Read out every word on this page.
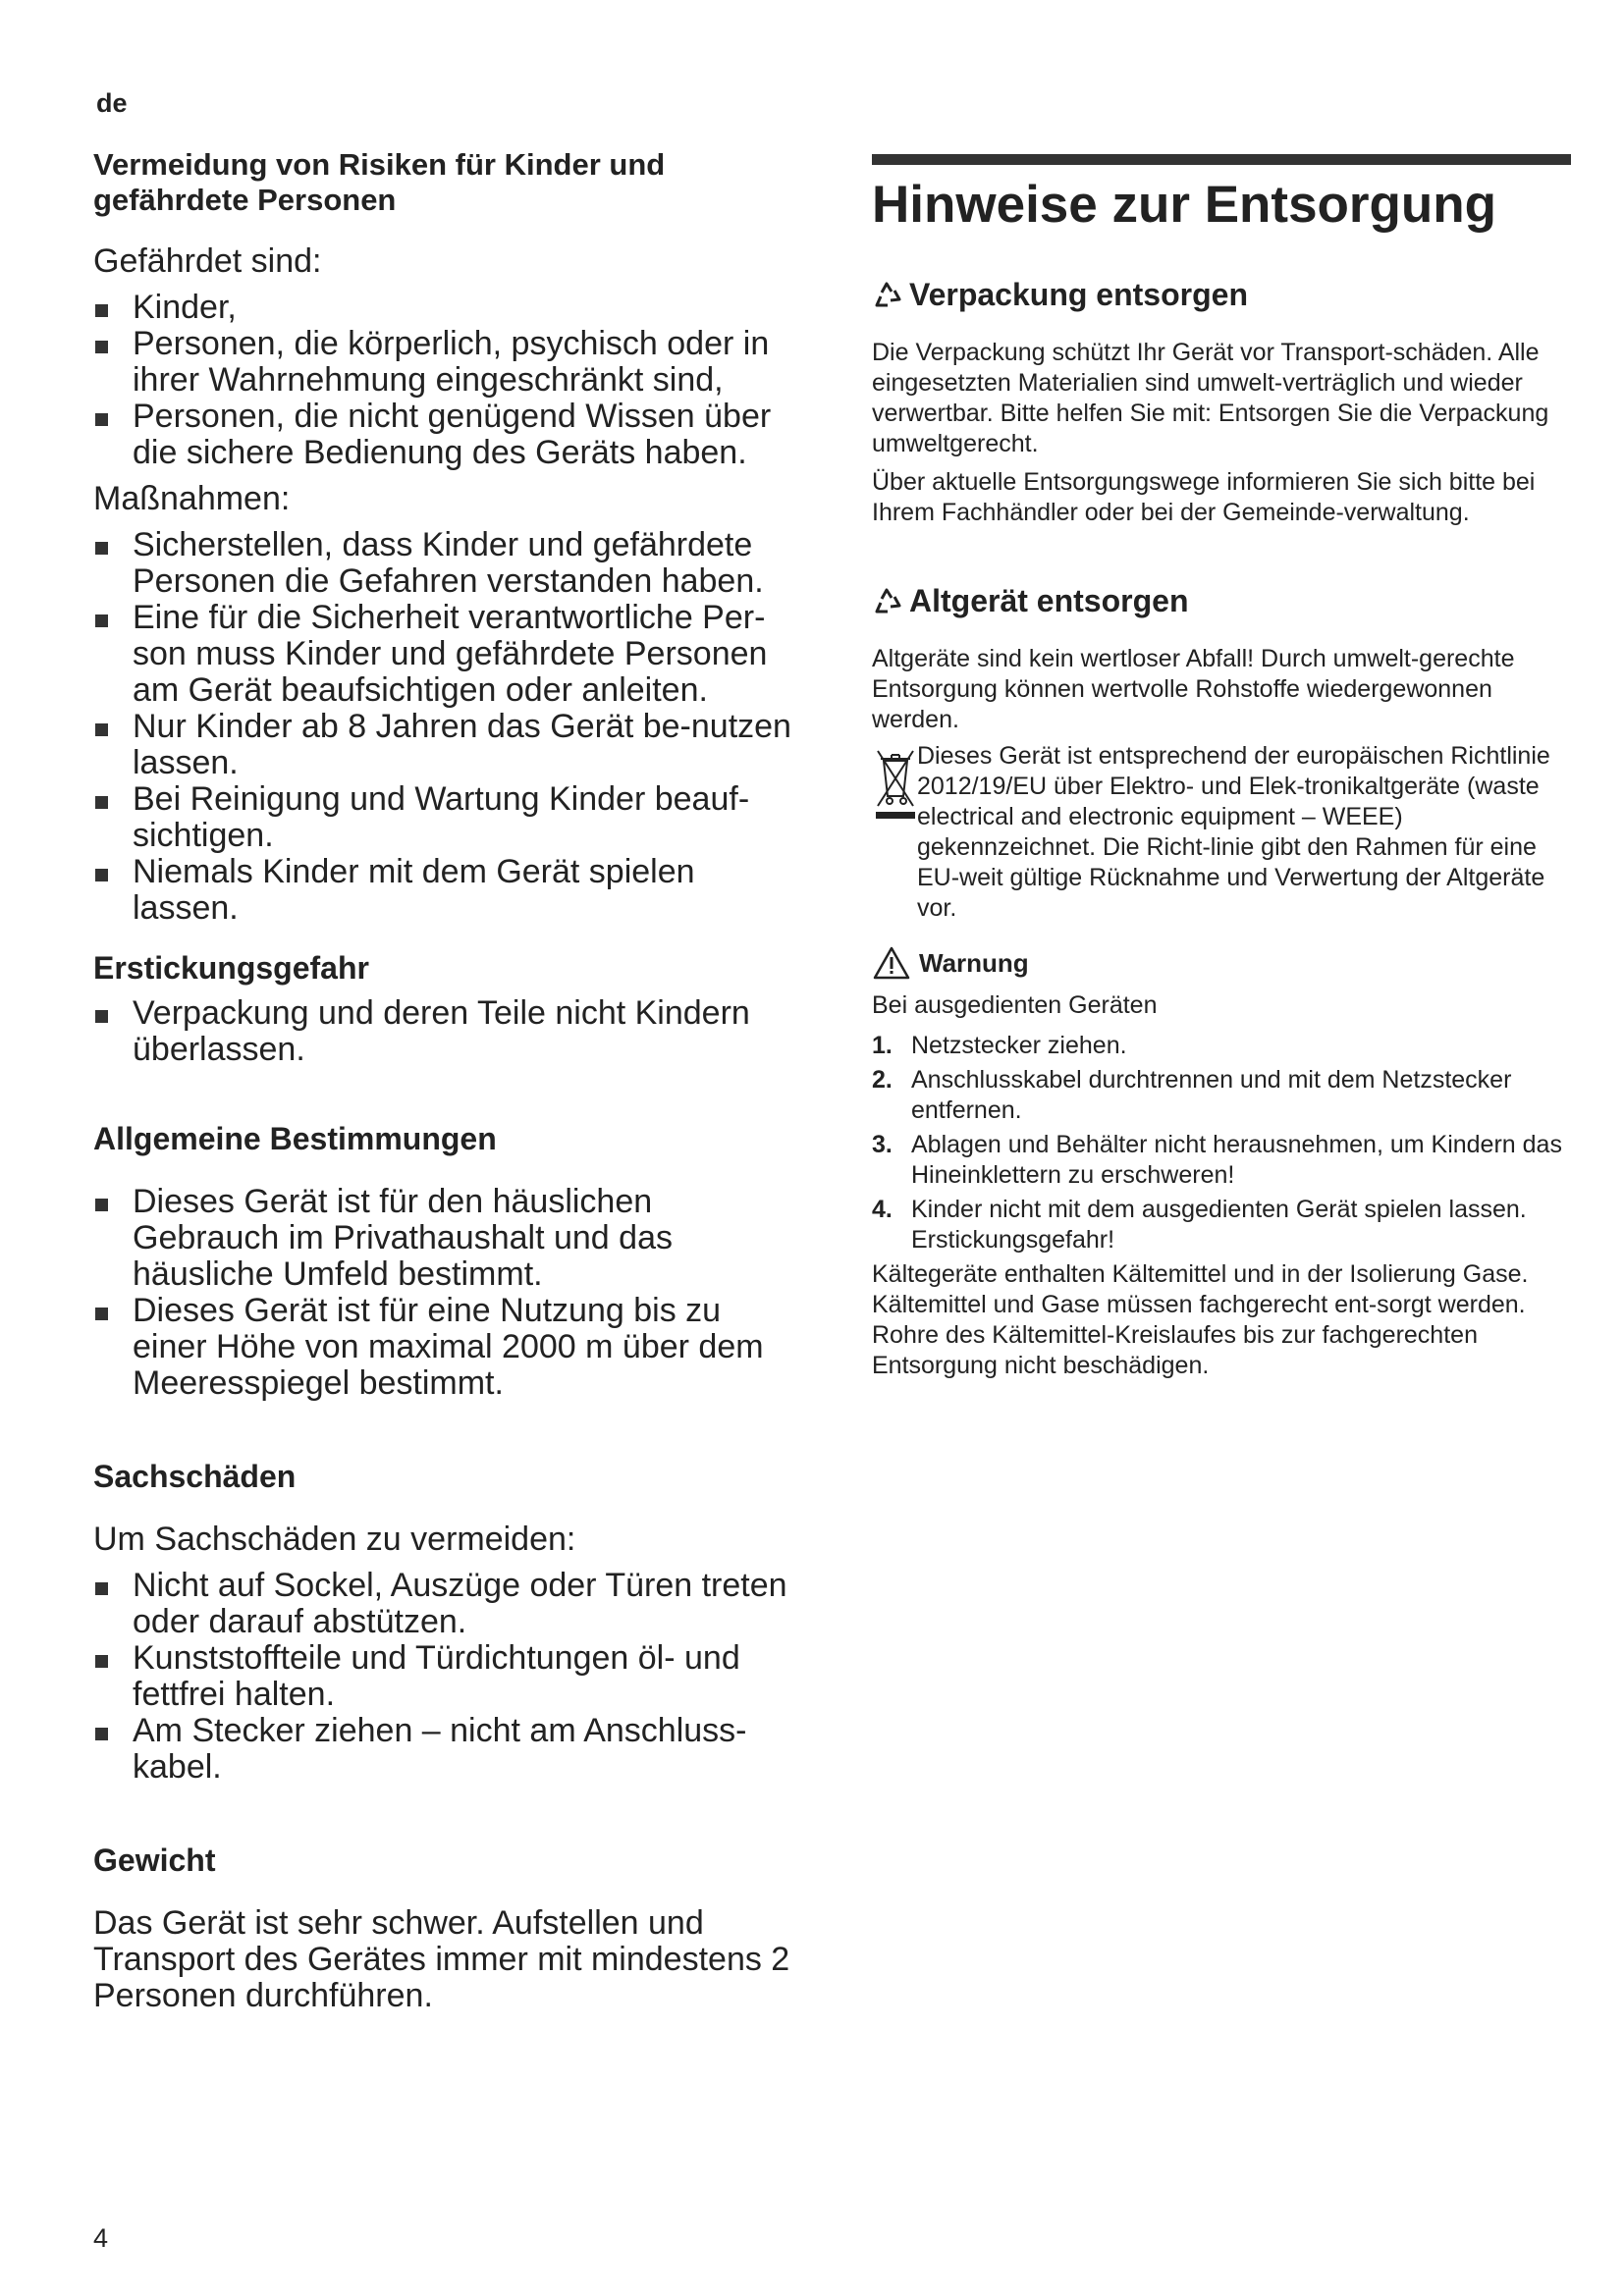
de
Vermeidung von Risiken für Kinder und
gefährdete Personen

Gefährdet sind:

Kinder,
Personen, die körperlich, psychisch oder in ihrer Wahrnehmung eingeschränkt sind,
Personen, die nicht genügend Wissen über die sichere Bedienung des Geräts haben.

Maßnahmen:

Sicherstellen, dass Kinder und gefährdete Personen die Gefahren verstanden haben.
Eine für die Sicherheit verantwortliche Per-son muss Kinder und gefährdete Personen am Gerät beaufsichtigen oder anleiten.
Nur Kinder ab 8 Jahren das Gerät be-nutzen lassen.
Bei Reinigung und Wartung Kinder beauf-sichtigen.
Niemals Kinder mit dem Gerät spielen lassen.
Erstickungsgefahr
Verpackung und deren Teile nicht Kindern überlassen.
Allgemeine Bestimmungen
Dieses Gerät ist für den häuslichen Gebrauch im Privathaushalt und das häusliche Umfeld bestimmt.
Dieses Gerät ist für eine Nutzung bis zu einer Höhe von maximal 2000 m über dem Meeresspiegel bestimmt.
Sachschäden

Um Sachschäden zu vermeiden:

Nicht auf Sockel, Auszüge oder Türen treten oder darauf abstützen.
Kunststoffteile und Türdichtungen öl- und fettfrei halten.
Am Stecker ziehen – nicht am Anschluss-kabel.
Gewicht

Das Gerät ist sehr schwer. Aufstellen und Transport des Gerätes immer mit mindestens 2 Personen durchführen.

Hinweise zur Entsorgung
Verpackung entsorgen

Die Verpackung schützt Ihr Gerät vor Transport-schäden. Alle eingesetzten Materialien sind umwelt-verträglich und wieder verwertbar. Bitte helfen Sie mit: Entsorgen Sie die Verpackung umweltgerecht.

Über aktuelle Entsorgungswege informieren Sie sich bitte bei Ihrem Fachhändler oder bei der Gemeinde-verwaltung.

Altgerät entsorgen

Altgeräte sind kein wertloser Abfall! Durch umwelt-gerechte Entsorgung können wertvolle Rohstoffe wiedergewonnen werden.

Dieses Gerät ist entsprechend der europäischen Richtlinie 2012/19/EU über Elektro- und Elek-tronikaltgeräte (waste electrical and electronic equipment – WEEE) gekennzeichnet. Die Richt-linie gibt den Rahmen für eine EU-weit gültige Rücknahme und Verwertung der Altgeräte vor.

Warnung

Bei ausgedienten Geräten

1. Netzstecker ziehen.
2. Anschlusskabel durchtrennen und mit dem Netzstecker entfernen.
3. Ablagen und Behälter nicht herausnehmen, um Kindern das Hineinklettern zu erschweren!
4. Kinder nicht mit dem ausgedienten Gerät spielen lassen. Erstickungsgefahr!

Kältegeräte enthalten Kältemittel und in der Isolierung Gase. Kältemittel und Gase müssen fachgerecht ent-sorgt werden. Rohre des Kältemittel-Kreislaufes bis zur fachgerechten Entsorgung nicht beschädigen.

4
